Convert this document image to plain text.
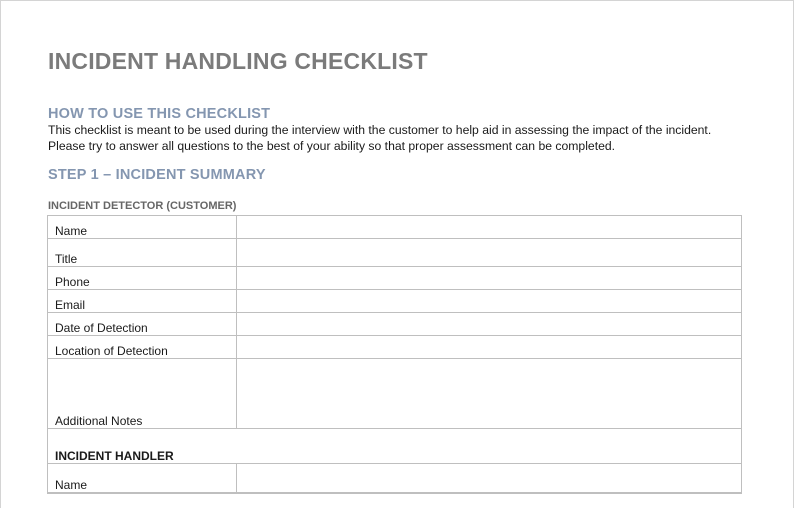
INCIDENT HANDLING CHECKLIST
HOW TO USE THIS CHECKLIST

This checklist is meant to be used during the interview with the customer to help aid in assessing the impact of the incident.

Please try to answer all questions to the best of your ability so that proper assessment can be completed.

STEP 1 – INCIDENT SUMMARY
INCIDENT DETECTOR (CUSTOMER)
Name	
Title	
Phone	
Email	
Date of Detection	
Location of Detection	
Additional Notes	
INCIDENT HANDLER	
Name	
